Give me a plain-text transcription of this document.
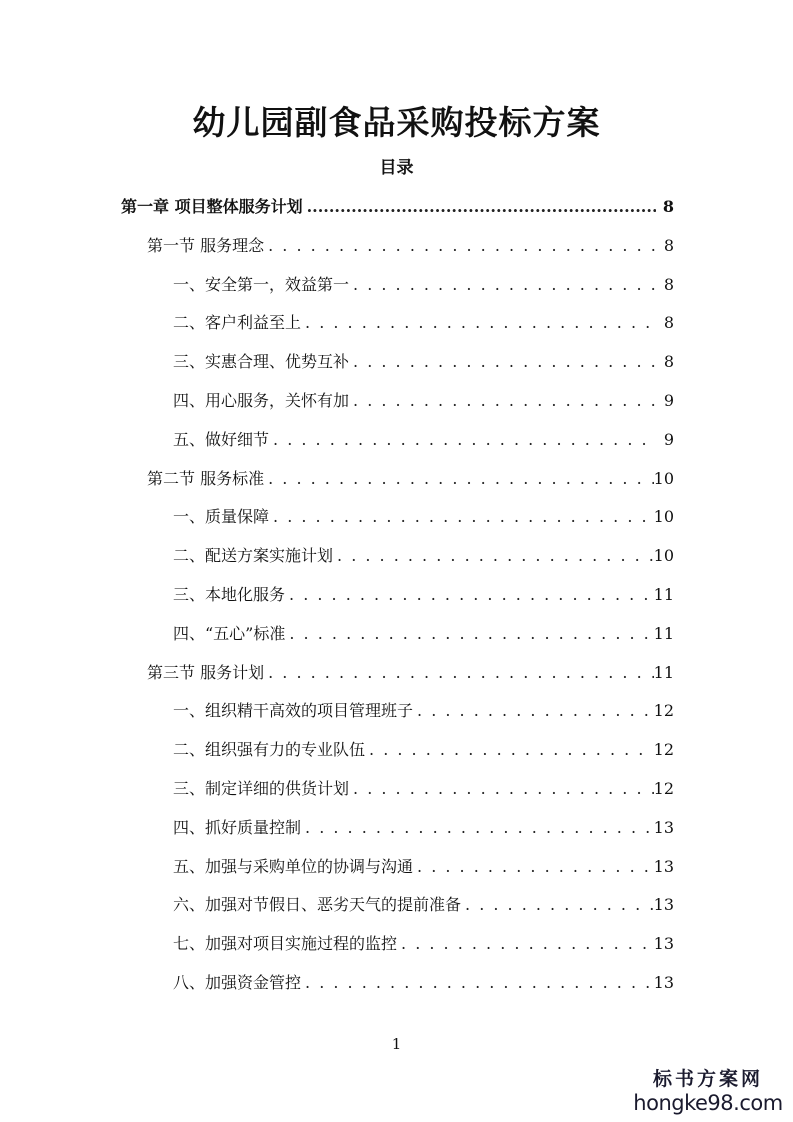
幼儿园副食品采购投标方案
目录
第一章 项目整体服务计划 .....	8
第一节 服务理念 . . .	8
一、安全第一，效益第一 . . .	8
二、客户利益至上 . . .	8
三、实惠合理、优势互补 . . .	8
四、用心服务，关怀有加 . . .	9
五、做好细节 . . .	9
第二节 服务标准 . . .	10
一、质量保障 . . .	10
二、配送方案实施计划 . . .	10
三、本地化服务 . . .	11
四、“五心”标准 . . .	11
第三节 服务计划 . . .	11
一、组织精干高效的项目管理班子 . . .	12
二、组织强有力的专业队伍 . . .	12
三、制定详细的供货计划 . . .	12
四、抓好质量控制 . . .	13
五、加强与采购单位的协调与沟通 . . .	13
六、加强对节假日、恶劣天气的提前准备 . . .	13
七、加强对项目实施过程的监控 . . .	13
八、加强资金管控 . . .	13
1
标书方案网
hongke98.com
